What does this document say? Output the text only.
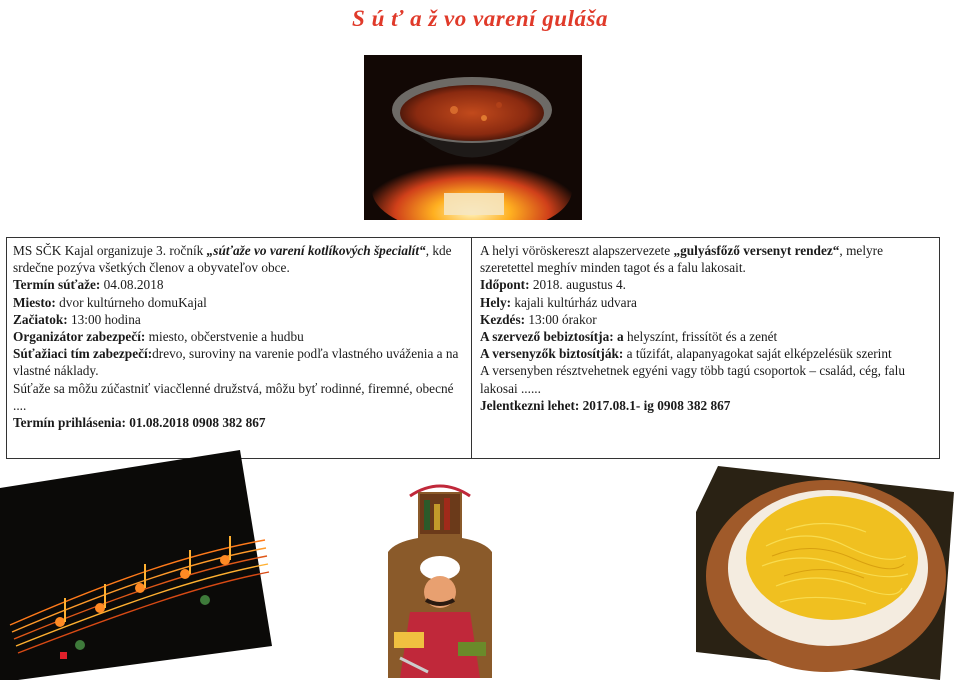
S ú ť a ž vo varení guláša

MS SČK Kajal organizuje 3. ročník „súťaže vo varení kotlíkových špecialít“, kde srdečne pozýva všetkých členov a obyvateľov obce.

Termín súťaže: 04.08.2018

Miesto: dvor kultúrneho domuKajal

Začiatok: 13:00 hodina

Organizátor zabezpečí: miesto, občerstvenie a hudbu

Súťažiaci tím zabezpečí:drevo, suroviny na varenie podľa vlastného uváženia a na vlastné náklady.

Súťaže sa môžu zúčastniť viacčlenné družstvá, môžu byť rodinné, firemné, obecné ....

Termín prihlásenia: 01.08.2018 0908 382 867

A helyi vöröskereszt alapszervezete „gulyásfőző versenyt rendez“, melyre szeretettel meghív minden tagot és a falu lakosait.

Időpont: 2018. augustus 4.

Hely: kajali kultúrház udvara

Kezdés: 13:00 órakor

A szervező bebiztosítja: a helyszínt, frissítöt és a zenét

A versenyzők biztosítják: a tűzifát, alapanyagokat saját elképzelésük szerint

A versenyben résztvehetnek egyéni vagy több tagú csoportok – család, cég, falu lakosai ......

Jelentkezni lehet: 2017.08.1- ig 0908 382 867
